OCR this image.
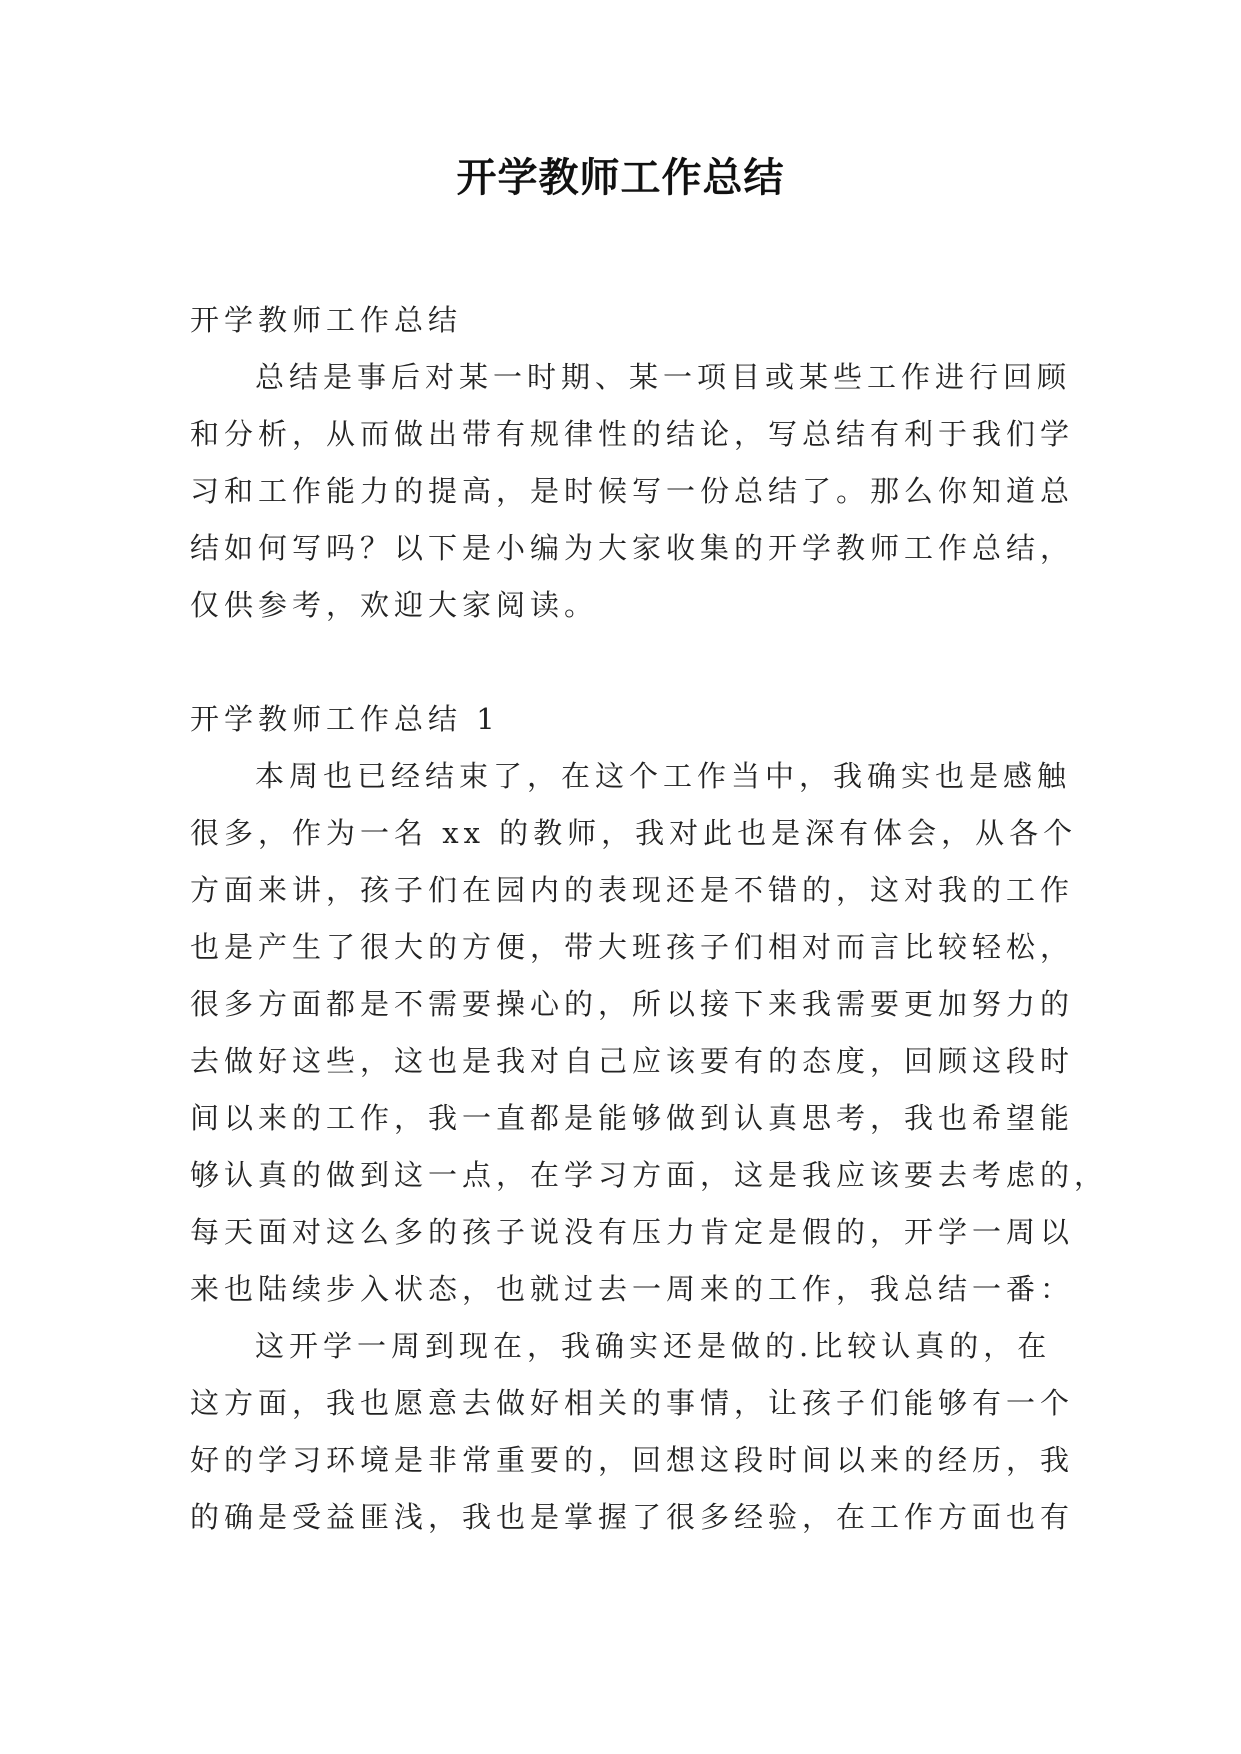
开学教师工作总结
开学教师工作总结
总结是事后对某一时期、某一项目或某些工作进行回顾
和分析，从而做出带有规律性的结论，写总结有利于我们学
习和工作能力的提高，是时候写一份总结了。那么你知道总
结如何写吗？以下是小编为大家收集的开学教师工作总结，
仅供参考，欢迎大家阅读。
开学教师工作总结 1
本周也已经结束了，在这个工作当中，我确实也是感触
很多，作为一名 xx 的教师，我对此也是深有体会，从各个
方面来讲，孩子们在园内的表现还是不错的，这对我的工作
也是产生了很大的方便，带大班孩子们相对而言比较轻松，
很多方面都是不需要操心的，所以接下来我需要更加努力的
去做好这些，这也是我对自己应该要有的态度，回顾这段时
间以来的工作，我一直都是能够做到认真思考，我也希望能
够认真的做到这一点，在学习方面，这是我应该要去考虑的，
每天面对这么多的孩子说没有压力肯定是假的，开学一周以
来也陆续步入状态，也就过去一周来的工作，我总结一番：
这开学一周到现在，我确实还是做的.比较认真的，在
这方面，我也愿意去做好相关的事情，让孩子们能够有一个
好的学习环境是非常重要的，回想这段时间以来的经历，我
的确是受益匪浅，我也是掌握了很多经验，在工作方面也有
